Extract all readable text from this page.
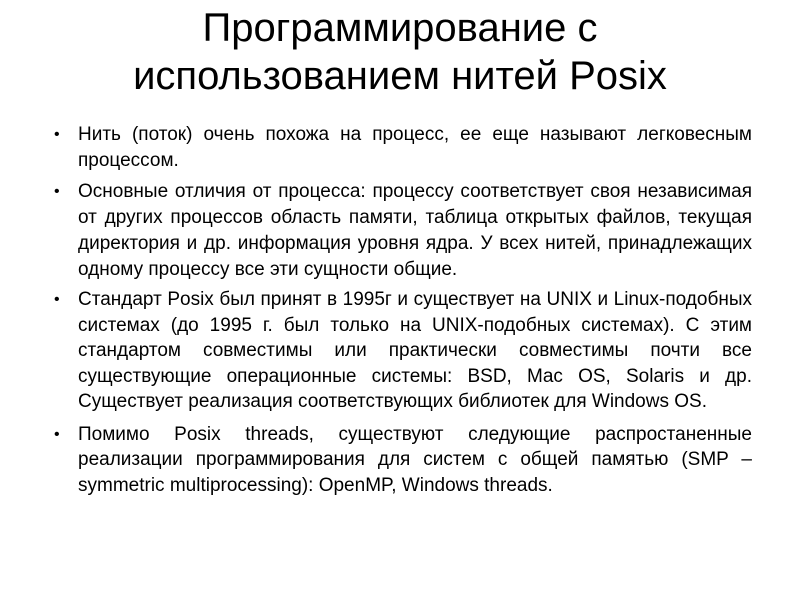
Программирование с
использованием нитей Posix
• Нить (поток) очень похожа на процесс, ее еще называют легковесным процессом.
• Основные отличия от процесса: процессу соответствует своя независимая от других процессов область памяти, таблица открытых файлов, текущая директория и др. информация уровня ядра. У всех нитей, принадлежащих одному процессу все эти сущности общие.
• Стандарт Posix был принят в 1995г и существует на UNIX и Linux-подобных системах (до 1995 г. был только на UNIX-подобных системах). С этим стандартом совместимы или практически совместимы почти все существующие операционные системы: BSD, Mac OS, Solaris и др. Существует реализация соответствующих библиотек для Windows OS.
• Помимо Posix threads, существуют следующие распростаненные реализации программирования для систем с общей памятью (SMP – symmetric multiprocessing): OpenMP, Windows threads.
